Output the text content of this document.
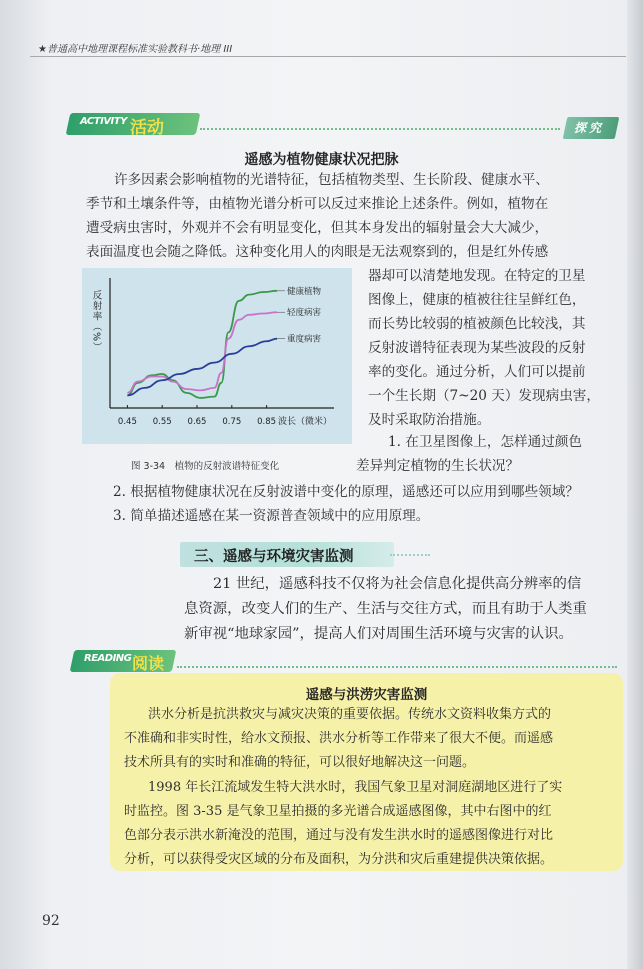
★普通高中地理课程标准实验教科书·地理 III
ACTIVITY 活动	探究
遥感为植物健康状况把脉
许多因素会影响植物的光谱特征，包括植物类型、生长阶段、健康水平、
季节和土壤条件等，由植物光谱分析可以反过来推论上述条件。例如，植物在
遭受病虫害时，外观并不会有明显变化，但其本身发出的辐射量会大大减少，
表面温度也会随之降低。这种变化用人的肉眼是无法观察到的，但是红外传感
器却可以清楚地发现。在特定的卫星
图像上，健康的植被往往呈鲜红色，
而长势比较弱的植被颜色比较浅，其
反射波谱特征表现为某些波段的反射
率的变化。通过分析，人们可以提前
一个生长期（7~20 天）发现病虫害，
及时采取防治措施。
0.45 0.55 0.65 0.75 0.85 波长（微米）
反射率（%）	健康植物
轻度病害
重度病害
图 3-34　植物的反射波谱特征变化
1. 在卫星图像上，怎样通过颜色
差异判定植物的生长状况？
2. 根据植物健康状况在反射波谱中变化的原理，遥感还可以应用到哪些领域？
3. 简单描述遥感在某一资源普查领域中的应用原理。
三、遥感与环境灾害监测
21 世纪，遥感科技不仅将为社会信息化提供高分辨率的信
息资源，改变人们的生产、生活与交往方式，而且有助于人类重
新审视“地球家园”，提高人们对周围生活环境与灾害的认识。
READING 阅读
遥感与洪涝灾害监测
洪水分析是抗洪救灾与减灾决策的重要依据。传统水文资料收集方式的
不准确和非实时性，给水文预报、洪水分析等工作带来了很大不便。而遥感
技术所具有的实时和准确的特征，可以很好地解决这一问题。
1998 年长江流域发生特大洪水时，我国气象卫星对洞庭湖地区进行了实
时监控。图 3-35 是气象卫星拍摄的多光谱合成遥感图像，其中右图中的红
色部分表示洪水新淹没的范围，通过与没有发生洪水时的遥感图像进行对比
分析，可以获得受灾区域的分布及面积，为分洪和灾后重建提供决策依据。
92
